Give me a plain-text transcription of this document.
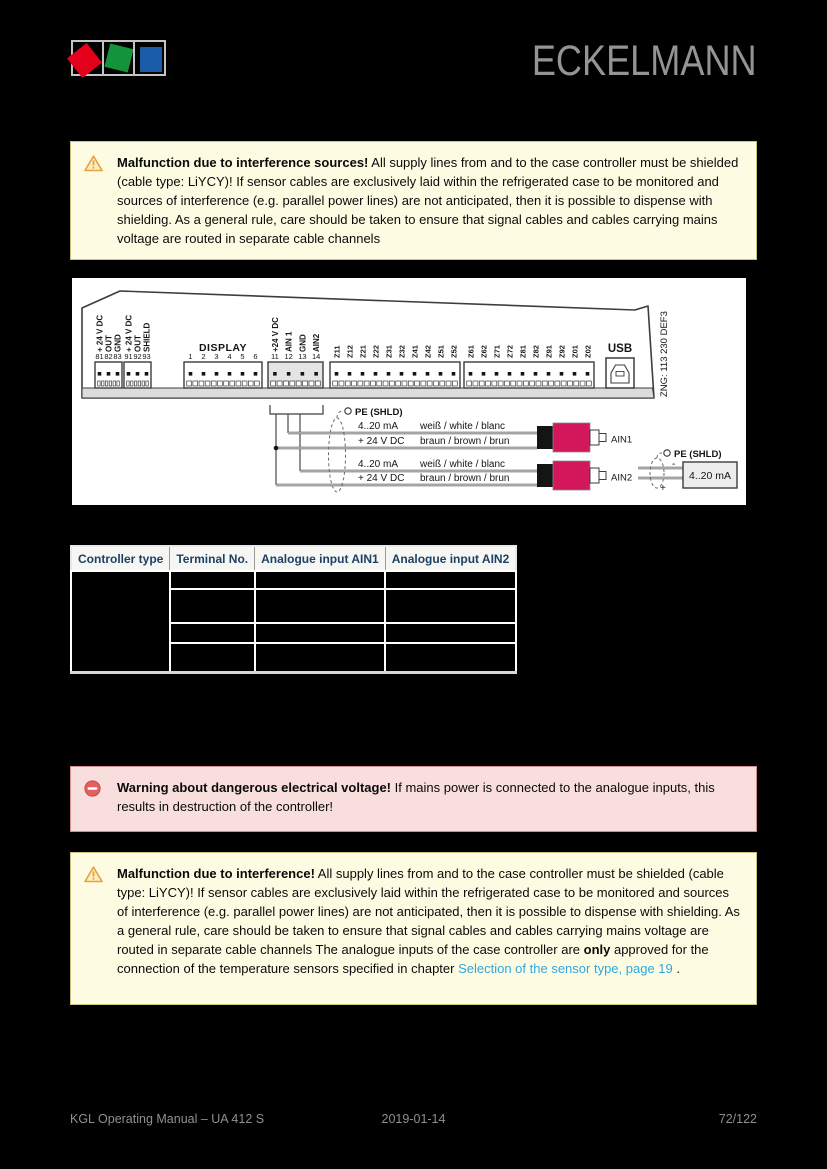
ECKELMANN
Malfunction due to interference sources! All supply lines from and to the case controller must be shielded (cable type: LiYCY)! If sensor cables are exclusively laid within the refrigerated case to be monitored and sources of interference (e.g. parallel power lines) are not anticipated, then it is possible to dispense with shielding. As a general rule, care should be taken to ensure that signal cables and cables carrying mains voltage are routed in separate cable channels
81
+ 24 V DC
82
OUT
83
GND
91
+ 24 V DC
92
OUT
93
SHIELD
1 2 3 4 5 6
DISPLAY
11
+24 V DC
12
AIN 1
13
GND
14
AIN2 Z11 Z12 Z21 Z22 Z31 Z32 Z41 Z42 Z51 Z52 Z61 Z62 Z71 Z72 Z81 Z82 Z91 Z92 Z01 Z02 USB	ZNG: 113 230 DEF3
4..20 mA weiß / white / blanc
+ 24 V DC braun / brown / brun
4..20 mA weiß / white / blanc
+ 24 V DC braun / brown / brun
AIN1
AIN2
PE (SHLD)
PE (SHLD)
-
+
4..20 mA
Controller type	Terminal No.	Analogue input AIN1	Analogue input AIN2

Warning about dangerous electrical voltage! If mains power is connected to the analogue inputs, this results in destruction of the controller!
Malfunction due to interference! All supply lines from and to the case controller must be shielded (cable type: LiYCY)! If sensor cables are exclusively laid within the refrigerated case to be monitored and sources of interference (e.g. parallel power lines) are not anticipated, then it is possible to dispense with shielding. As a general rule, care should be taken to ensure that signal cables and cables carrying mains voltage are routed in separate cable channels The analogue inputs of the case controller are only approved for the connection of the temperature sensors specified in chapter Selection of the sensor type, page 19 .
KGL Operating Manual – UA 412 S	2019-01-14	72/122
